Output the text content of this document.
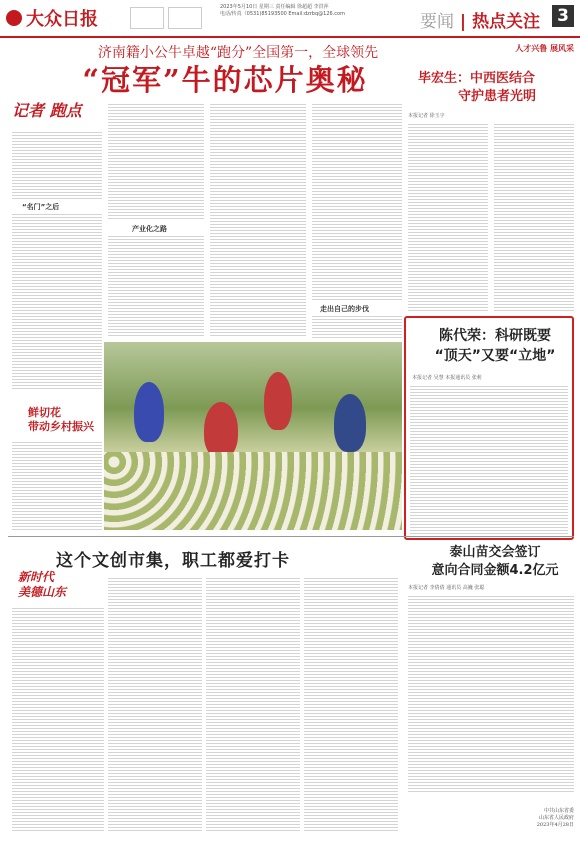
大众日报
2023年5月10日 星期三 责任编辑 徐超超 李洪萍
电话/传真（0531)85193500 Email:dzrbq@126.com	要闻 | 热点关注 3
济南籍小公牛卓越“跑分”全国第一，全球领先
“冠军”牛的芯片奥秘
记者 跑点
“名门”之后
产业化之路
走出自己的步伐
鲜切花
带动乡村振兴
人才兴鲁 展风采
毕宏生：中西医结合
守护患者光明
本报记者 徐玉宇
陈代荣：科研既要
“顶天”又要“立地”
本报记者 吴慧 本报通讯员 张莉
这个文创市集，职工都爱打卡
新时代
美德山东
泰山苗交会签订
意向合同金额4.2亿元
本报记者 李倩倩 通讯员 高巍 张聪
中共山东省委
山东省人民政府
2023年4月28日
